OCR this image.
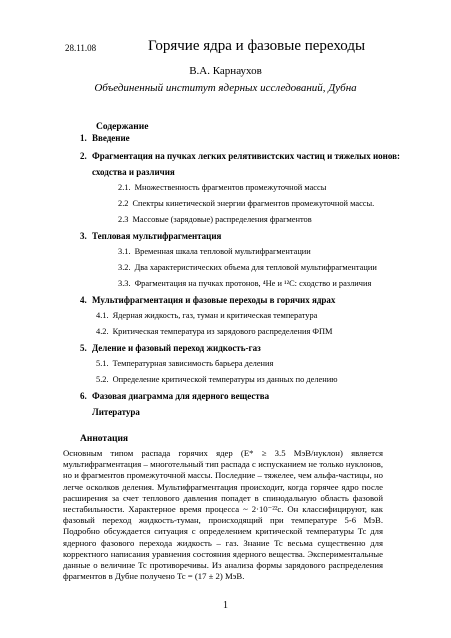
28.11.08	Горячие ядра и фазовые переходы
В.А. Карнаухов
Объединенный институт ядерных исследований, Дубна
Содержание
1. Введение
2. Фрагментация на пучках легких релятивистских частиц и тяжелых ионов:
сходства и различия
2.1. Множественность фрагментов промежуточной массы
2.2 Спектры кинетической энергии фрагментов промежуточной массы.
2.3 Массовые (зарядовые) распределения фрагментов
3. Тепловая мультифрагментация
3.1. Временная шкала тепловой мультифрагментации
3.2. Два характеристических объема для тепловой мультифрагментации
3.3. Фрагментация на пучках протонов, ⁴He и ¹²C: сходство и различия
4. Мультифрагментация и фазовые переходы в горячих ядрах
4.1. Ядерная жидкость, газ, туман и критическая температура
4.2. Критическая температура из зарядового распределения ФПМ
5. Деление и фазовый переход жидкость-газ
5.1. Температурная зависимость барьера деления
5.2. Определение критической температуры из данных по делению
6. Фазовая диаграмма для ядерного вещества
Литература
Аннотация

Основным типом распада горячих ядер (E* ≥ 3.5 МэВ/нуклон) является мультифрагментация – многотельный тип распада с испусканием не только нуклонов, но и фрагментов промежуточной массы. Последние – тяжелее, чем альфа-частицы, но легче осколков деления. Мультифрагментация происходит, когда горячее ядро после расширения за счет теплового давления попадет в спинодальную область фазовой нестабильности. Характерное время процесса ~ 2·10⁻²²с. Он классифицируют, как фазовый переход жидкость-туман, происходящий при температуре 5-6 МэВ. Подробно обсуждается ситуация с определением критической температуры Tc для ядерного фазового перехода жидкость – газ. Знание Tc весьма существенно для корректного написания уравнения состояния ядерного вещества. Экспериментальные данные о величине Tc противоречивы. Из анализа формы зарядового распределения фрагментов в Дубне получено Tc = (17 ± 2) МэВ.

1
